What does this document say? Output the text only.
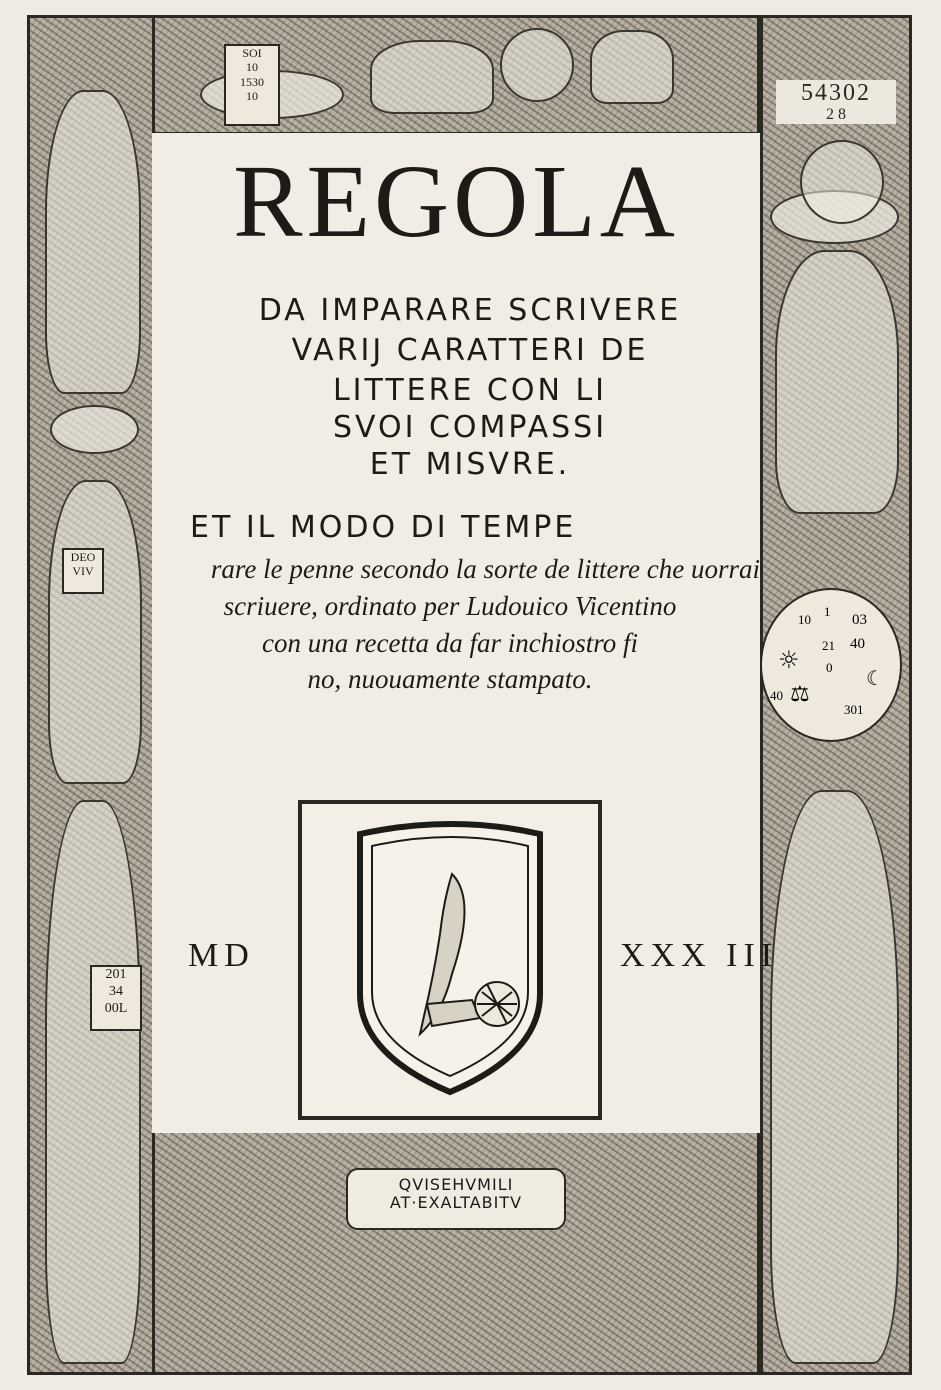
DEO
VIV
201
34
00L
SOI
10
1530
10
10
1
03
40
21
0
301
40
☼
☾
⚖
54302
2 8
REGOLA
DA IMPARARE SCRIVERE
VARIJ CARATTERI DE
LITTERE CON LI
SVOI COMPASSI
ET MISVRE.
ET IL MODO DI TEMPE
rare le penne secondo la sorte de littere che uorrai
scriuere, ordinato per Ludouico Vicentino
con una recetta da far inchiostro fi
no, nuouamente stampato.
MD	XXX III
QVISEHVMILI
AT·EXALTABITV
